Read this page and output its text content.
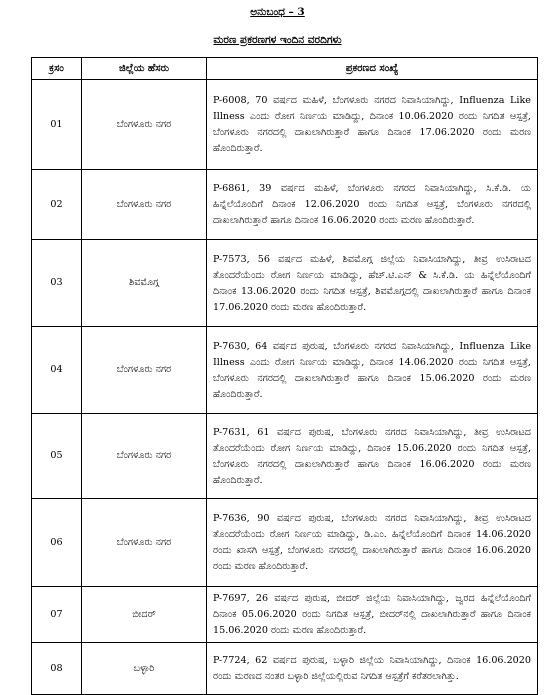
ಅನುಬಂಧ – 3
ಮರಣ ಪ್ರಕರಣಗಳ ಇಂದಿನ ವರದಿಗಳು
ಕ್ರಸಂ	ಜಿಲ್ಲೆಯ ಹೆಸರು	ಪ್ರಕರಣದ ಸಂಖ್ಯೆ
01	ಬೆಂಗಳೂರು ನಗರ	P-6008, 70 ವರ್ಷದ ಮಹಿಳೆ, ಬೆಂಗಳೂರು ನಗರದ ನಿವಾಸಿಯಾಗಿದ್ದು, Influenza Like Illness ಎಂದು ರೋಗ ನಿರ್ಣಯ ಮಾಡಿದ್ದು, ದಿನಾಂಕ 10.06.2020 ರಂದು ನಿಗದಿತ ಆಸ್ಪತ್ರೆ, ಬೆಂಗಳೂರು ನಗರದಲ್ಲಿ ದಾಖಲಾಗಿರುತ್ತಾರೆ ಹಾಗೂ ದಿನಾಂಕ 17.06.2020 ರಂದು ಮರಣ ಹೊಂದಿರುತ್ತಾರೆ.
02	ಬೆಂಗಳೂರು ನಗರ	P-6861, 39 ವರ್ಷದ ಮಹಿಳೆ, ಬೆಂಗಳೂರು ನಗರದ ನಿವಾಸಿಯಾಗಿದ್ದು, ಸಿ.ಕೆ.ಡಿ. ಯ ಹಿನ್ನೆಲೆಯೊಂದಿಗೆ ದಿನಾಂಕ 12.06.2020 ರಂದು ನಿಗದಿತ ಆಸ್ಪತ್ರೆ, ಬೆಂಗಳೂರು ನಗರದಲ್ಲಿ ದಾಖಲಾಗಿರುತ್ತಾರೆ ಹಾಗೂ ದಿನಾಂಕ 16.06.2020 ರಂದು ಮರಣ ಹೊಂದಿರುತ್ತಾರೆ.
03	ಶಿವಮೊಗ್ಗ	P-7573, 56 ವರ್ಷದ ಮಹಿಳೆ, ಶಿವಮೊಗ್ಗ ಜಿಲ್ಲೆಯ ನಿವಾಸಿಯಾಗಿದ್ದು, ತೀವ್ರ ಉಸಿರಾಟದ ತೊಂದರೆಯೆಂದು ರೋಗ ನಿರ್ಣಯ ಮಾಡಿದ್ದು, ಹೆಚ್.ಟಿ.ಎನ್ & ಸಿ.ಕೆ.ಡಿ. ಯ ಹಿನ್ನೆಲೆಯೊಂದಿಗೆ ದಿನಾಂಕ 13.06.2020 ರಂದು ನಿಗದಿತ ಆಸ್ಪತ್ರೆ, ಶಿವಮೊಗ್ಗದಲ್ಲಿ ದಾಖಲಾಗಿರುತ್ತಾರೆ ಹಾಗೂ ದಿನಾಂಕ 17.06.2020 ರಂದು ಮರಣ ಹೊಂದಿರುತ್ತಾರೆ.
04	ಬೆಂಗಳೂರು ನಗರ	P-7630, 64 ವರ್ಷದ ಪುರುಷ, ಬೆಂಗಳೂರು ನಗರದ ನಿವಾಸಿಯಾಗಿದ್ದು, Influenza Like Illness ಎಂದು ರೋಗ ನಿರ್ಣಯ ಮಾಡಿದ್ದು, ದಿನಾಂಕ 14.06.2020 ರಂದು ನಿಗದಿತ ಆಸ್ಪತ್ರೆ, ಬೆಂಗಳೂರು ನಗರದಲ್ಲಿ ದಾಖಲಾಗಿರುತ್ತಾರೆ ಹಾಗೂ ದಿನಾಂಕ 15.06.2020 ರಂದು ಮರಣ ಹೊಂದಿರುತ್ತಾರೆ.
05	ಬೆಂಗಳೂರು ನಗರ	P-7631, 61 ವರ್ಷದ ಪುರುಷ, ಬೆಂಗಳೂರು ನಗರದ ನಿವಾಸಿಯಾಗಿದ್ದು, ತೀವ್ರ ಉಸಿರಾಟದ ತೊಂದರೆಯೆಂದು ರೋಗ ನಿರ್ಣಯ ಮಾಡಿದ್ದು, ದಿನಾಂಕ 15.06.2020 ರಂದು ನಿಗದಿತ ಆಸ್ಪತ್ರೆ, ಬೆಂಗಳೂರು ನಗರದಲ್ಲಿ ದಾಖಲಾಗಿರುತ್ತಾರೆ ಹಾಗೂ ದಿನಾಂಕ 16.06.2020 ರಂದು ಮರಣ ಹೊಂದಿರುತ್ತಾರೆ.
06	ಬೆಂಗಳೂರು ನಗರ	P-7636, 90 ವರ್ಷದ ಪುರುಷ, ಬೆಂಗಳೂರು ನಗರದ ನಿವಾಸಿಯಾಗಿದ್ದು, ತೀವ್ರ ಉಸಿರಾಟದ ತೊಂದರೆಯೆಂದು ರೋಗ ನಿರ್ಣಯ ಮಾಡಿದ್ದು, ಡಿ.ಎಂ. ಹಿನ್ನೆಲೆಯೊಂದಿಗೆ ದಿನಾಂಕ 14.06.2020 ರಂದು ಖಾಸಗಿ ಆಸ್ಪತ್ರೆ, ಬೆಂಗಳೂರು ನಗರದಲ್ಲಿ ದಾಖಲಾಗಿರುತ್ತಾರೆ ಹಾಗೂ ದಿನಾಂಕ 16.06.2020 ರಂದು ಮರಣ ಹೊಂದಿರುತ್ತಾರೆ.
07	ಬೀದರ್	P-7697, 26 ವರ್ಷದ ಪುರುಷ, ಬೀದರ್ ಜಿಲ್ಲೆಯ ನಿವಾಸಿಯಾಗಿದ್ದು, ಜ್ವರದ ಹಿನ್ನೆಲೆಯೊಂದಿಗೆ ದಿನಾಂಕ 05.06.2020 ರಂದು ನಿಗದಿತ ಆಸ್ಪತ್ರೆ, ಬೀದರ್‌ನಲ್ಲಿ ದಾಖಲಾಗಿರುತ್ತಾರೆ ಹಾಗೂ ದಿನಾಂಕ 15.06.2020 ರಂದು ಮರಣ ಹೊಂದಿರುತ್ತಾರೆ.
08	ಬಳ್ಳಾರಿ	P-7724, 62 ವರ್ಷದ ಪುರುಷ, ಬಳ್ಳಾರಿ ಜಿಲ್ಲೆಯ ನಿವಾಸಿಯಾಗಿದ್ದು, ದಿನಾಂಕ 16.06.2020 ರಂದು ಮರಣದ ನಂತರ ಬಳ್ಳಾರಿ ಜಿಲ್ಲೆಯಲ್ಲಿರುವ ನಿಗದಿತ ಆಸ್ಪತ್ರೆಗೆ ಕರೆತರಲಾಗಿತ್ತು.
